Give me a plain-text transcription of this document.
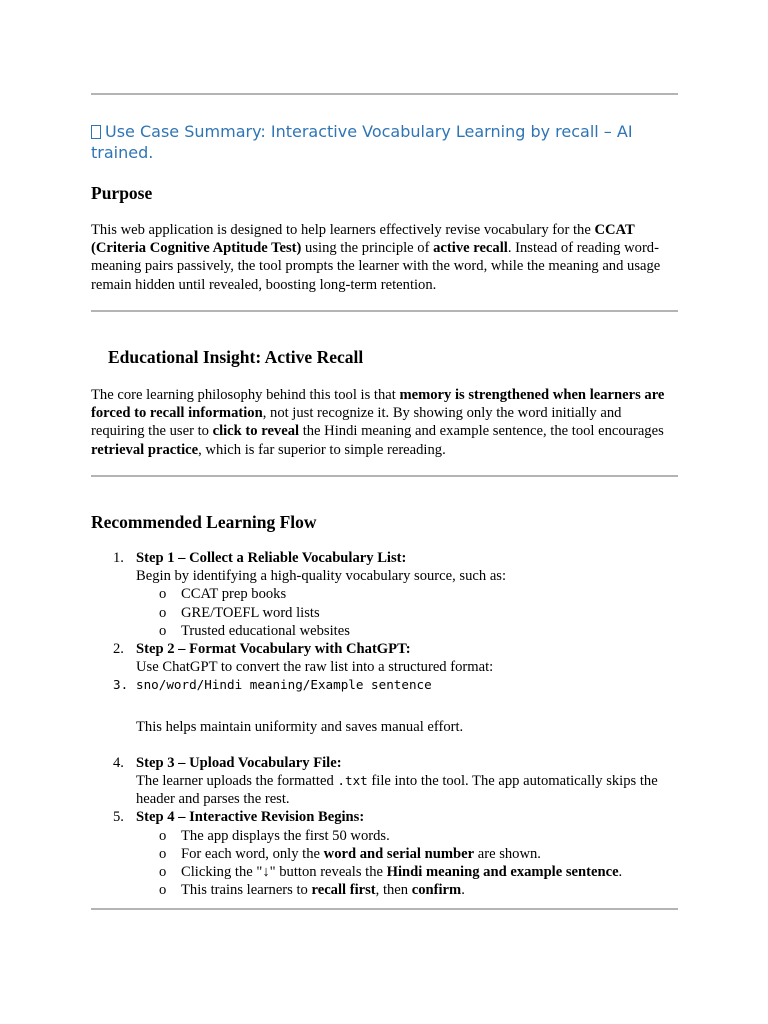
Use Case Summary: Interactive Vocabulary Learning by recall – AI trained.
Purpose

This web application is designed to help learners effectively revise vocabulary for the CCAT (Criteria Cognitive Aptitude Test) using the principle of active recall. Instead of reading word-meaning pairs passively, the tool prompts the learner with the word, while the meaning and usage remain hidden until revealed, boosting long-term retention.

Educational Insight: Active Recall

The core learning philosophy behind this tool is that memory is strengthened when learners are forced to recall information, not just recognize it. By showing only the word initially and requiring the user to click to reveal the Hindi meaning and example sentence, the tool encourages retrieval practice, which is far superior to simple rereading.

Recommended Learning Flow
1. Step 1 – Collect a Reliable Vocabulary List:
Begin by identifying a high-quality vocabulary source, such as:
o CCAT prep books
o GRE/TOEFL word lists
o Trusted educational websites
2. Step 2 – Format Vocabulary with ChatGPT:
Use ChatGPT to convert the raw list into a structured format:
3. sno/word/Hindi meaning/Example sentence
This helps maintain uniformity and saves manual effort.
4. Step 3 – Upload Vocabulary File:
The learner uploads the formatted .txt file into the tool. The app automatically skips the header and parses the rest.
5. Step 4 – Interactive Revision Begins:
o The app displays the first 50 words.
o For each word, only the word and serial number are shown.
o Clicking the "↓" button reveals the Hindi meaning and example sentence.
o This trains learners to recall first, then confirm.
